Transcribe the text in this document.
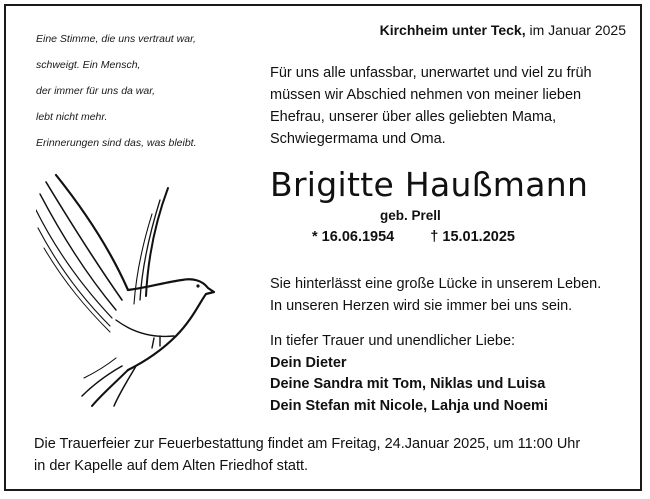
Eine Stimme, die uns vertraut war,
schweigt. Ein Mensch,
der immer für uns da war,
lebt nicht mehr.
Erinnerungen sind das, was bleibt.
Kirchheim unter Teck, im Januar 2025
Für uns alle unfassbar, unerwartet und viel zu früh
müssen wir Abschied nehmen von meiner lieben
Ehefrau, unserer über alles geliebten Mama,
Schwiegermama und Oma.
Brigitte Haußmann
geb. Prell
* 16.06.1954 † 15.01.2025
Sie hinterlässt eine große Lücke in unserem Leben.
In unseren Herzen wird sie immer bei uns sein.
In tiefer Trauer und unendlicher Liebe:
Dein Dieter
Deine Sandra mit Tom, Niklas und Luisa
Dein Stefan mit Nicole, Lahja und Noemi
Die Trauerfeier zur Feuerbestattung findet am Freitag, 24.Januar 2025, um 11:00 Uhr
in der Kapelle auf dem Alten Friedhof statt.
